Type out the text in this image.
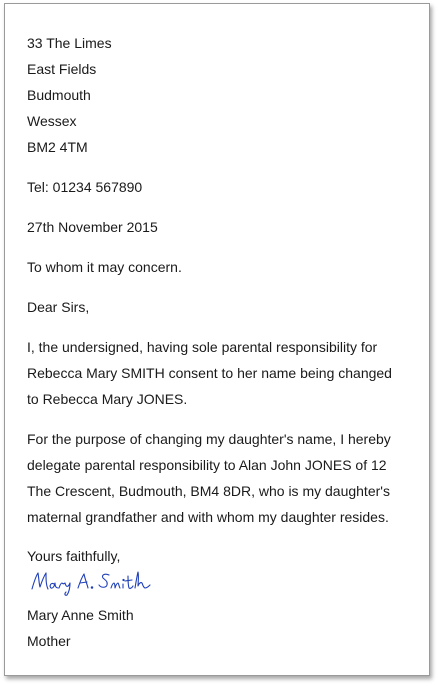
33 The Limes
East Fields
Budmouth
Wessex
BM2 4TM
Tel: 01234 567890
27th November 2015
To whom it may concern.
Dear Sirs,
I, the undersigned, having sole parental responsibility for
Rebecca Mary SMITH consent to her name being changed
to Rebecca Mary JONES.
For the purpose of changing my daughter's name, I hereby
delegate parental responsibility to Alan John JONES of 12
The Crescent, Budmouth, BM4 8DR, who is my daughter's
maternal grandfather and with whom my daughter resides.
Yours faithfully,
Mary Anne Smith
Mother
